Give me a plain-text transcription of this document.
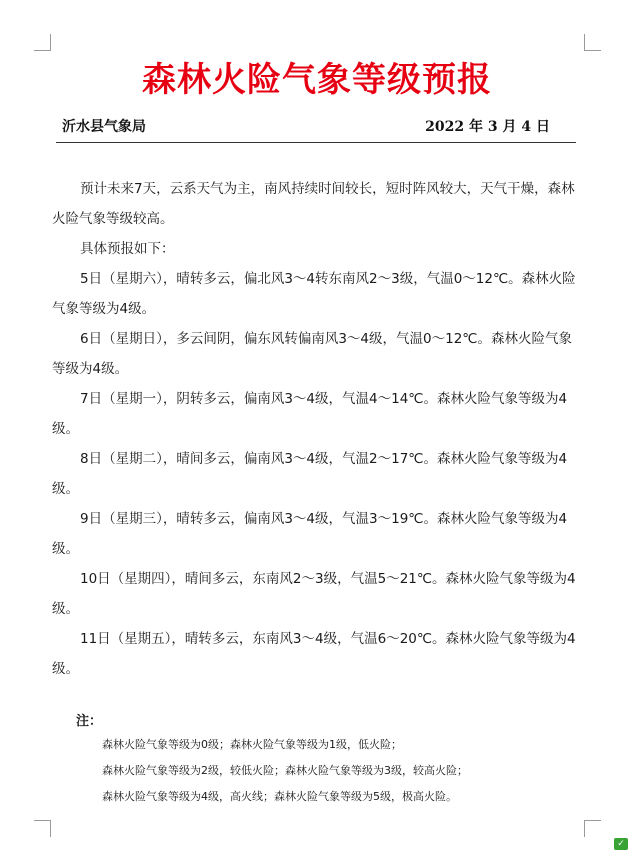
森林火险气象等级预报
沂水县气象局	2022 年 3 月 4 日

预计未来7天，云系天气为主，南风持续时间较长，短时阵风较大，天气干燥，森林火险气象等级较高。

具体预报如下：

5日（星期六），晴转多云，偏北风3～4转东南风2～3级，气温0～12℃。森林火险气象等级为4级。

6日（星期日），多云间阴，偏东风转偏南风3～4级，气温0～12℃。森林火险气象等级为4级。

7日（星期一），阴转多云，偏南风3～4级，气温4～14℃。森林火险气象等级为4级。

8日（星期二），晴间多云，偏南风3～4级，气温2～17℃。森林火险气象等级为4级。

9日（星期三），晴转多云，偏南风3～4级，气温3～19℃。森林火险气象等级为4级。

10日（星期四），晴间多云，东南风2～3级，气温5～21℃。森林火险气象等级为4级。

11日（星期五），晴转多云，东南风3～4级，气温6～20℃。森林火险气象等级为4级。

注：
森林火险气象等级为0级；森林火险气象等级为1级，低火险；
森林火险气象等级为2级，较低火险；森林火险气象等级为3级，较高火险；
森林火险气象等级为4级，高火线；森林火险气象等级为5级，极高火险。
✓
